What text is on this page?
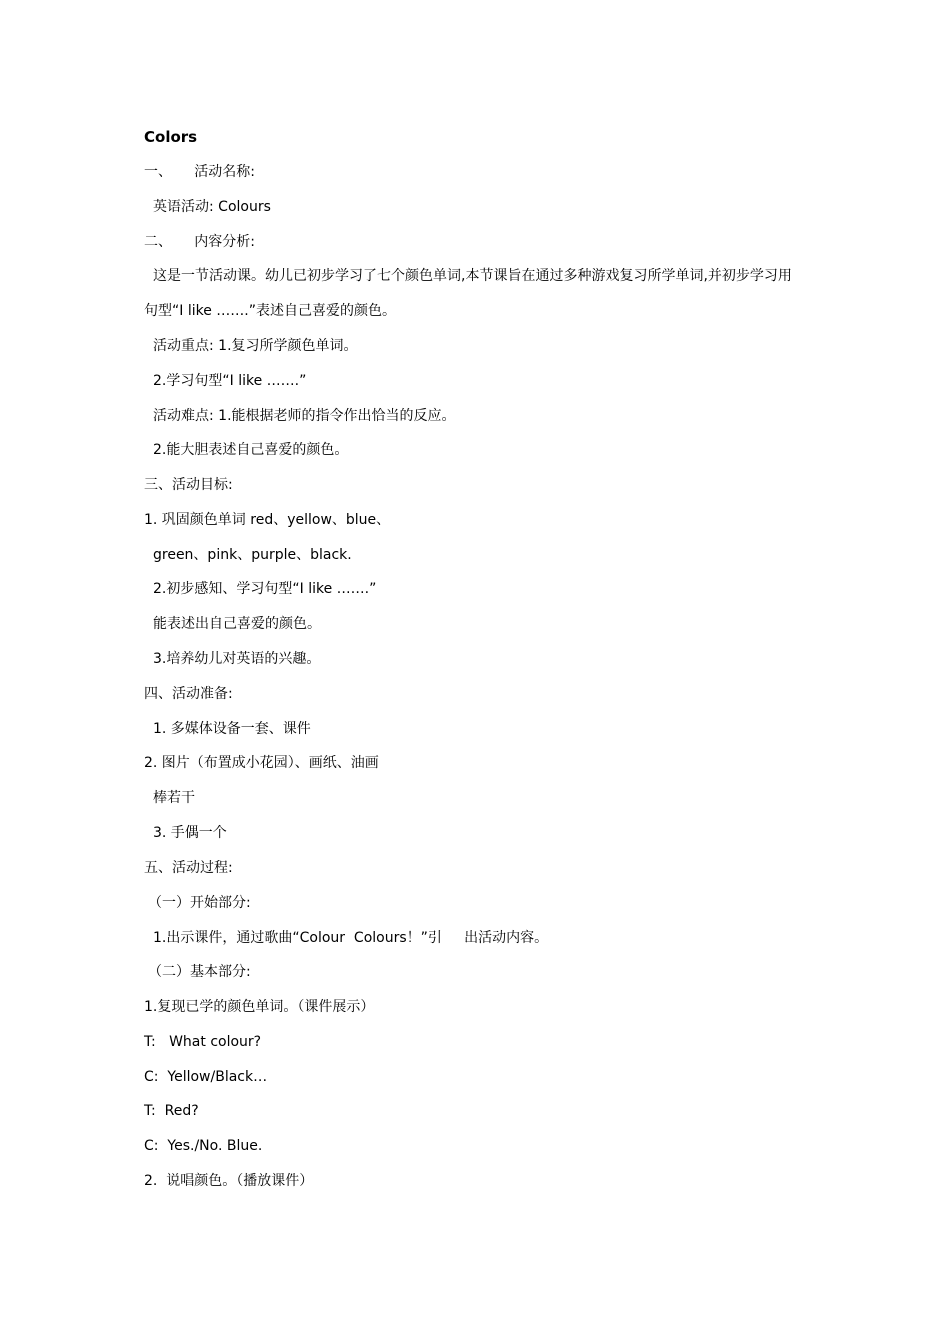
Colors
一、     活动名称:
英语活动: Colours
二、     内容分析:
这是一节活动课。幼儿已初步学习了七个颜色单词,本节课旨在通过多种游戏复习所学单词,并初步学习用
句型“I like …….”表述自己喜爱的颜色。
活动重点: 1.复习所学颜色单词。
2.学习句型“I like …….”
活动难点: 1.能根据老师的指令作出恰当的反应。
2.能大胆表述自己喜爱的颜色。
三、活动目标:
1. 巩固颜色单词 red、yellow、blue、
green、pink、purple、black.
2.初步感知、学习句型“I like …….”
能表述出自己喜爱的颜色。
3.培养幼儿对英语的兴趣。
四、活动准备:
1. 多媒体设备一套、课件
2. 图片（布置成小花园）、画纸、油画
棒若干
3. 手偶一个
五、活动过程:
（一）开始部分:
1.出示课件，通过歌曲“Colour  Colours！”引     出活动内容。
（二）基本部分:
1.复现已学的颜色单词。（课件展示）
T:   What colour?
C:  Yellow/Black…
T:  Red?
C:  Yes./No. Blue.
2.  说唱颜色。（播放课件）
